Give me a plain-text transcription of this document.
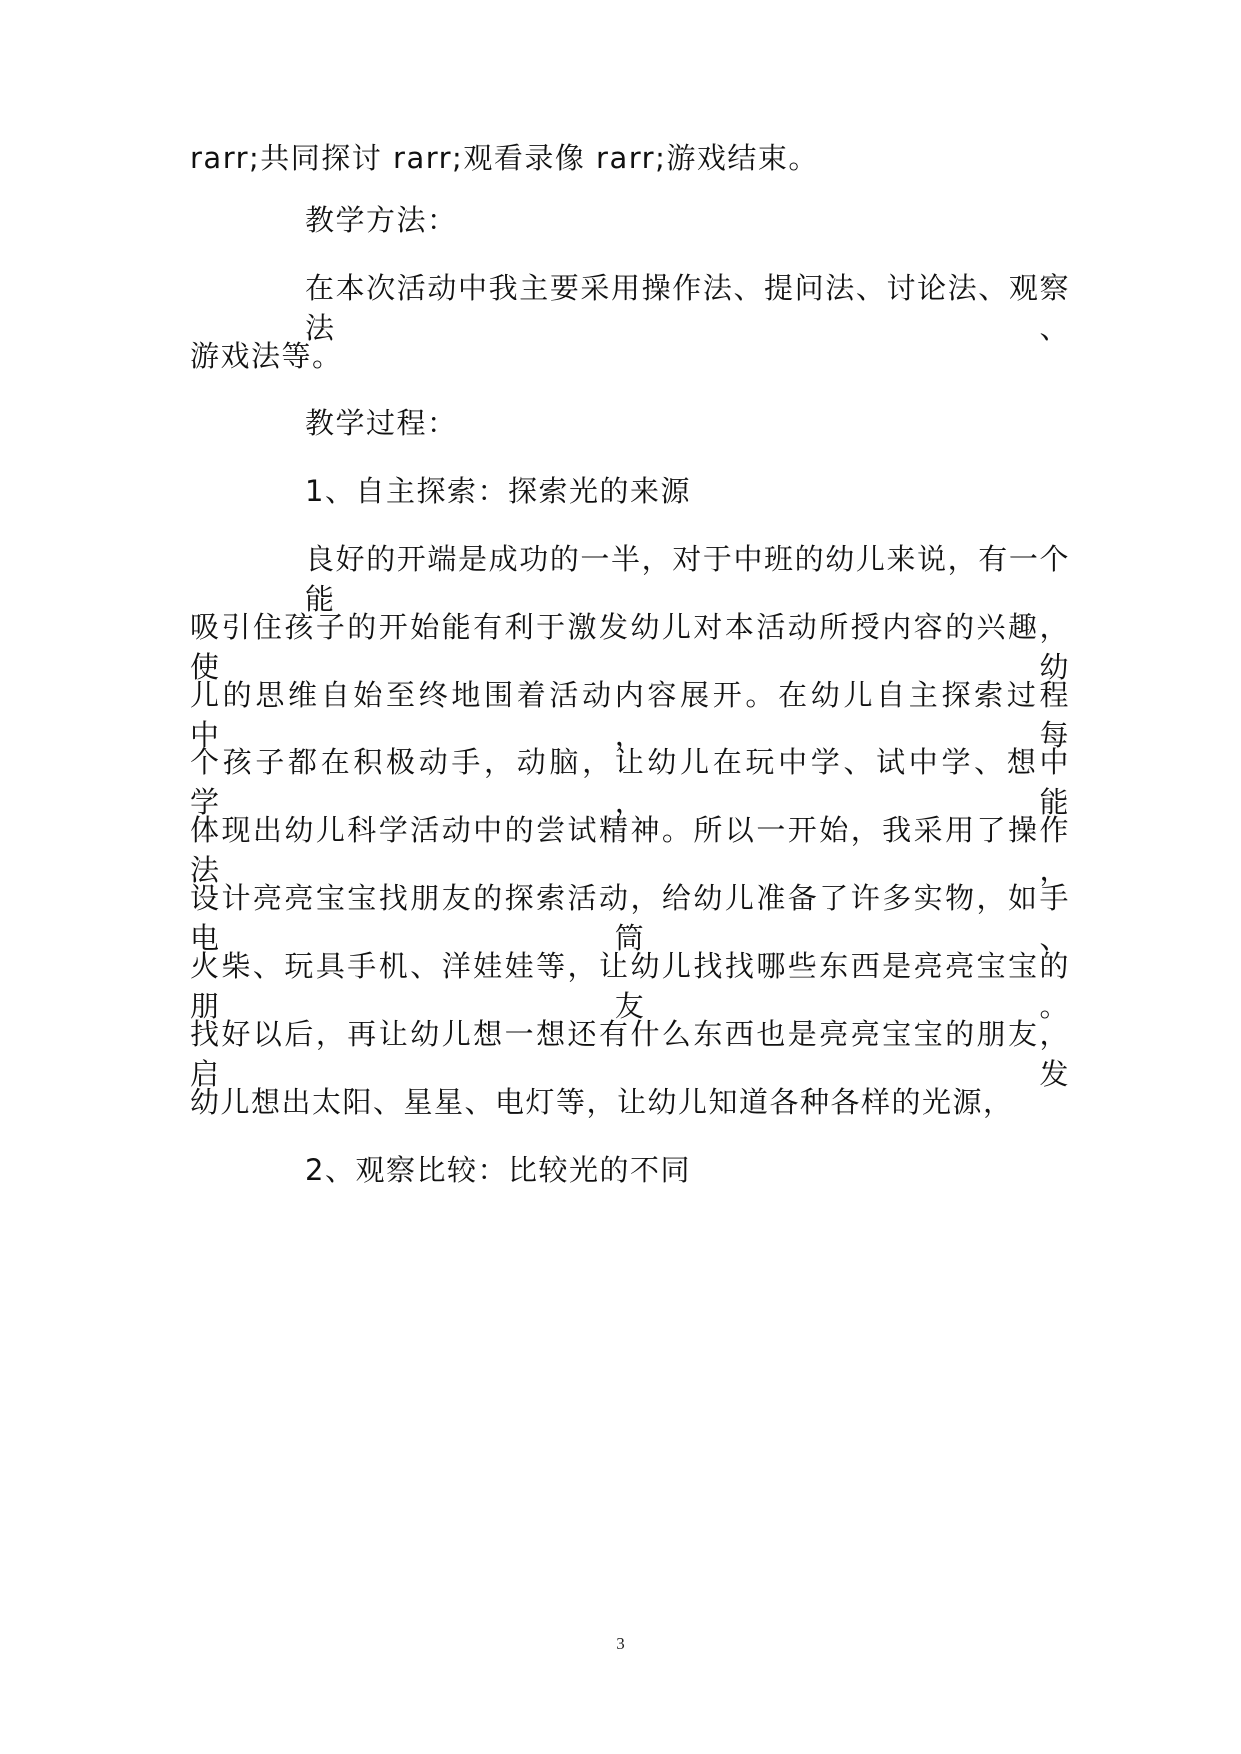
rarr;共同探讨 rarr;观看录像 rarr;游戏结束。
教学方法：
在本次活动中我主要采用操作法、提问法、讨论法、观察法、
游戏法等。
教学过程：
1、自主探索：探索光的来源
良好的开端是成功的一半，对于中班的幼儿来说，有一个能
吸引住孩子的开始能有利于激发幼儿对本活动所授内容的兴趣，使幼
儿的思维自始至终地围着活动内容展开。在幼儿自主探索过程中，每
个孩子都在积极动手，动脑，让幼儿在玩中学、试中学、想中学，能
体现出幼儿科学活动中的尝试精神。所以一开始，我采用了操作法，
设计亮亮宝宝找朋友的探索活动，给幼儿准备了许多实物，如手电筒、
火柴、玩具手机、洋娃娃等，让幼儿找找哪些东西是亮亮宝宝的朋友。
找好以后，再让幼儿想一想还有什么东西也是亮亮宝宝的朋友，启发
幼儿想出太阳、星星、电灯等，让幼儿知道各种各样的光源，
2、观察比较：比较光的不同
3
